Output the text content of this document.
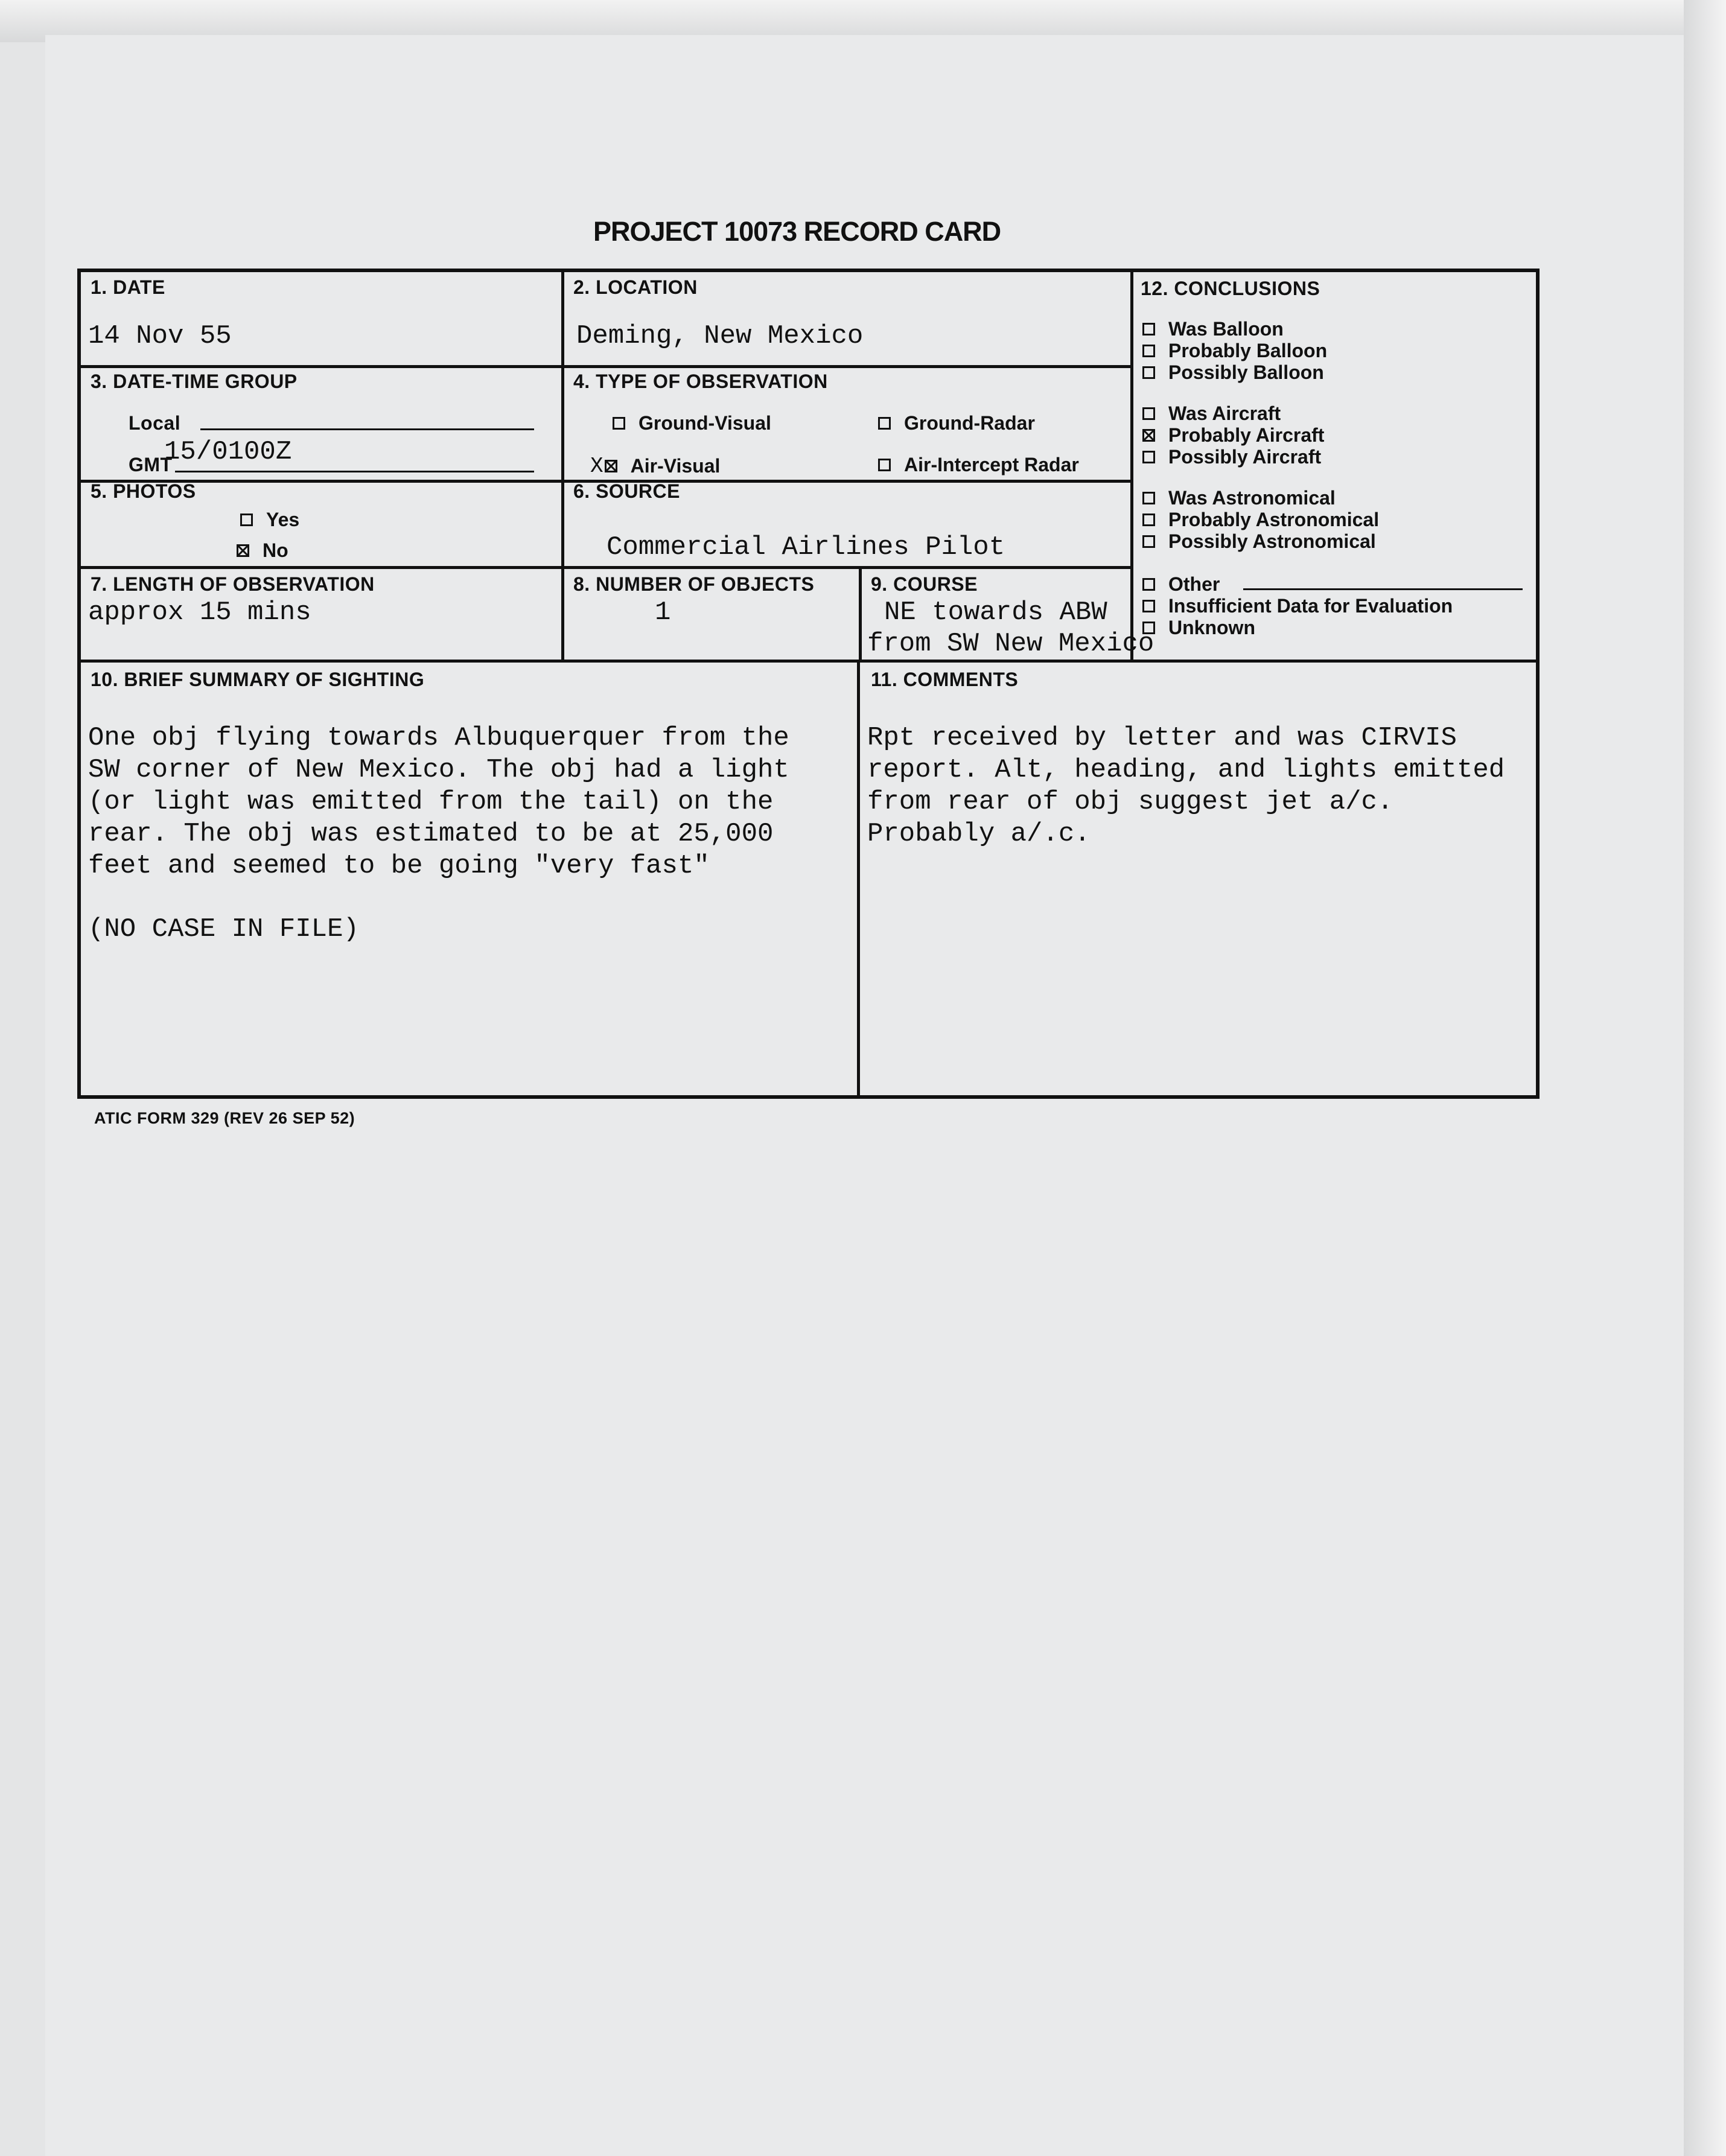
PROJECT 10073 RECORD CARD
1. DATE
14 Nov 55
2. LOCATION
Deming, New Mexico
3. DATE-TIME GROUP
Local
GMT
15/0100Z
4. TYPE OF OBSERVATION
Ground-Visual	Ground-Radar
X Air-Visual	Air-Intercept Radar
5. PHOTOS
Yes
No
6. SOURCE
Commercial Airlines Pilot
7. LENGTH OF OBSERVATION
approx 15 mins
8. NUMBER OF OBJECTS
1
9. COURSE
NE towards ABW
from SW New Mexico
10. BRIEF SUMMARY OF SIGHTING
One obj flying towards Albuquerquer from the
SW corner of New Mexico. The obj had a light
(or light was emitted from the tail) on the
rear. The obj was estimated to be at 25,000
feet and seemed to be going "very fast"
(NO CASE IN FILE)
11. COMMENTS
Rpt received by letter and was CIRVIS
report. Alt, heading, and lights emitted
from rear of obj suggest jet a/c.
Probably a/.c.
12. CONCLUSIONS
Was Balloon
Probably Balloon
Possibly Balloon
Was Aircraft
Probably Aircraft
Possibly Aircraft
Was Astronomical
Probably Astronomical
Possibly Astronomical
Other
Insufficient Data for Evaluation
Unknown
ATIC FORM 329 (REV 26 SEP 52)
